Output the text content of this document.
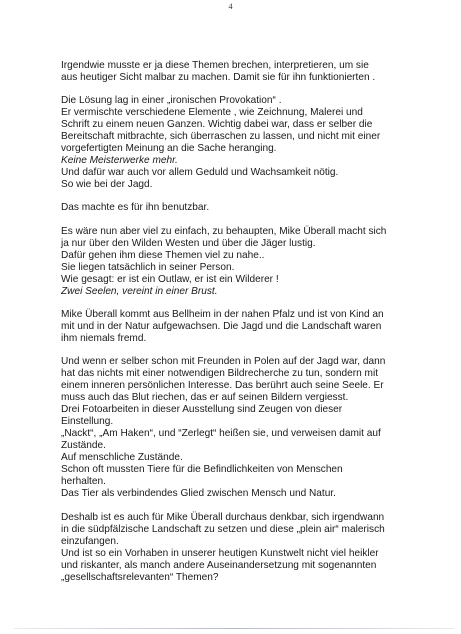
4
Irgendwie musste er ja diese Themen brechen, interpretieren, um sie
aus heutiger Sicht malbar zu machen. Damit sie für ihn funktionierten .
Die Lösung lag in einer „ironischen Provokation“ .
Er vermischte verschiedene Elemente , wie Zeichnung, Malerei und
Schrift zu einem neuen Ganzen. Wichtig dabei war, dass er selber die
Bereitschaft mitbrachte, sich überraschen zu lassen, und nicht mit einer
vorgefertigten Meinung an die Sache heranging.
Keine Meisterwerke mehr.
Und dafür war auch vor allem Geduld und Wachsamkeit nötig.
So wie bei der Jagd.
Das machte es für ihn benutzbar.
Es wäre nun aber viel zu einfach, zu behaupten, Mike Überall macht sich
ja nur über den Wilden Westen und über die Jäger lustig.
Dafür gehen ihm diese Themen viel zu nahe..
Sie liegen tatsächlich in seiner Person.
Wie gesagt: er ist ein Outlaw, er ist ein Wilderer !
Zwei Seelen, vereint in einer Brust.
Mike Überall kommt aus Bellheim in der nahen Pfalz und ist von Kind an
mit und in der Natur aufgewachsen. Die Jagd und die Landschaft waren
ihm niemals fremd.
Und wenn er selber schon mit Freunden in Polen auf der Jagd war, dann
hat das nichts mit einer notwendigen Bildrecherche zu tun, sondern mit
einem inneren persönlichen Interesse. Das berührt auch seine Seele. Er
muss auch das Blut riechen, das er auf seinen Bildern vergiesst.
Drei Fotoarbeiten in dieser Ausstellung sind Zeugen von dieser
Einstellung.
„Nackt“, „Am Haken“, und “Zerlegt“ heißen sie, und verweisen damit auf
Zustände.
Auf menschliche Zustände.
Schon oft mussten Tiere für die Befindlichkeiten von Menschen
herhalten.
Das Tier als verbindendes Glied zwischen Mensch und Natur.
Deshalb ist es auch für Mike Überall durchaus denkbar, sich irgendwann
in die südpfälzische Landschaft zu setzen und diese „plein air“ malerisch
einzufangen.
Und ist so ein Vorhaben in unserer heutigen Kunstwelt nicht viel heikler
und riskanter, als manch andere Auseinandersetzung mit sogenannten
„gesellschaftsrelevanten“ Themen?
